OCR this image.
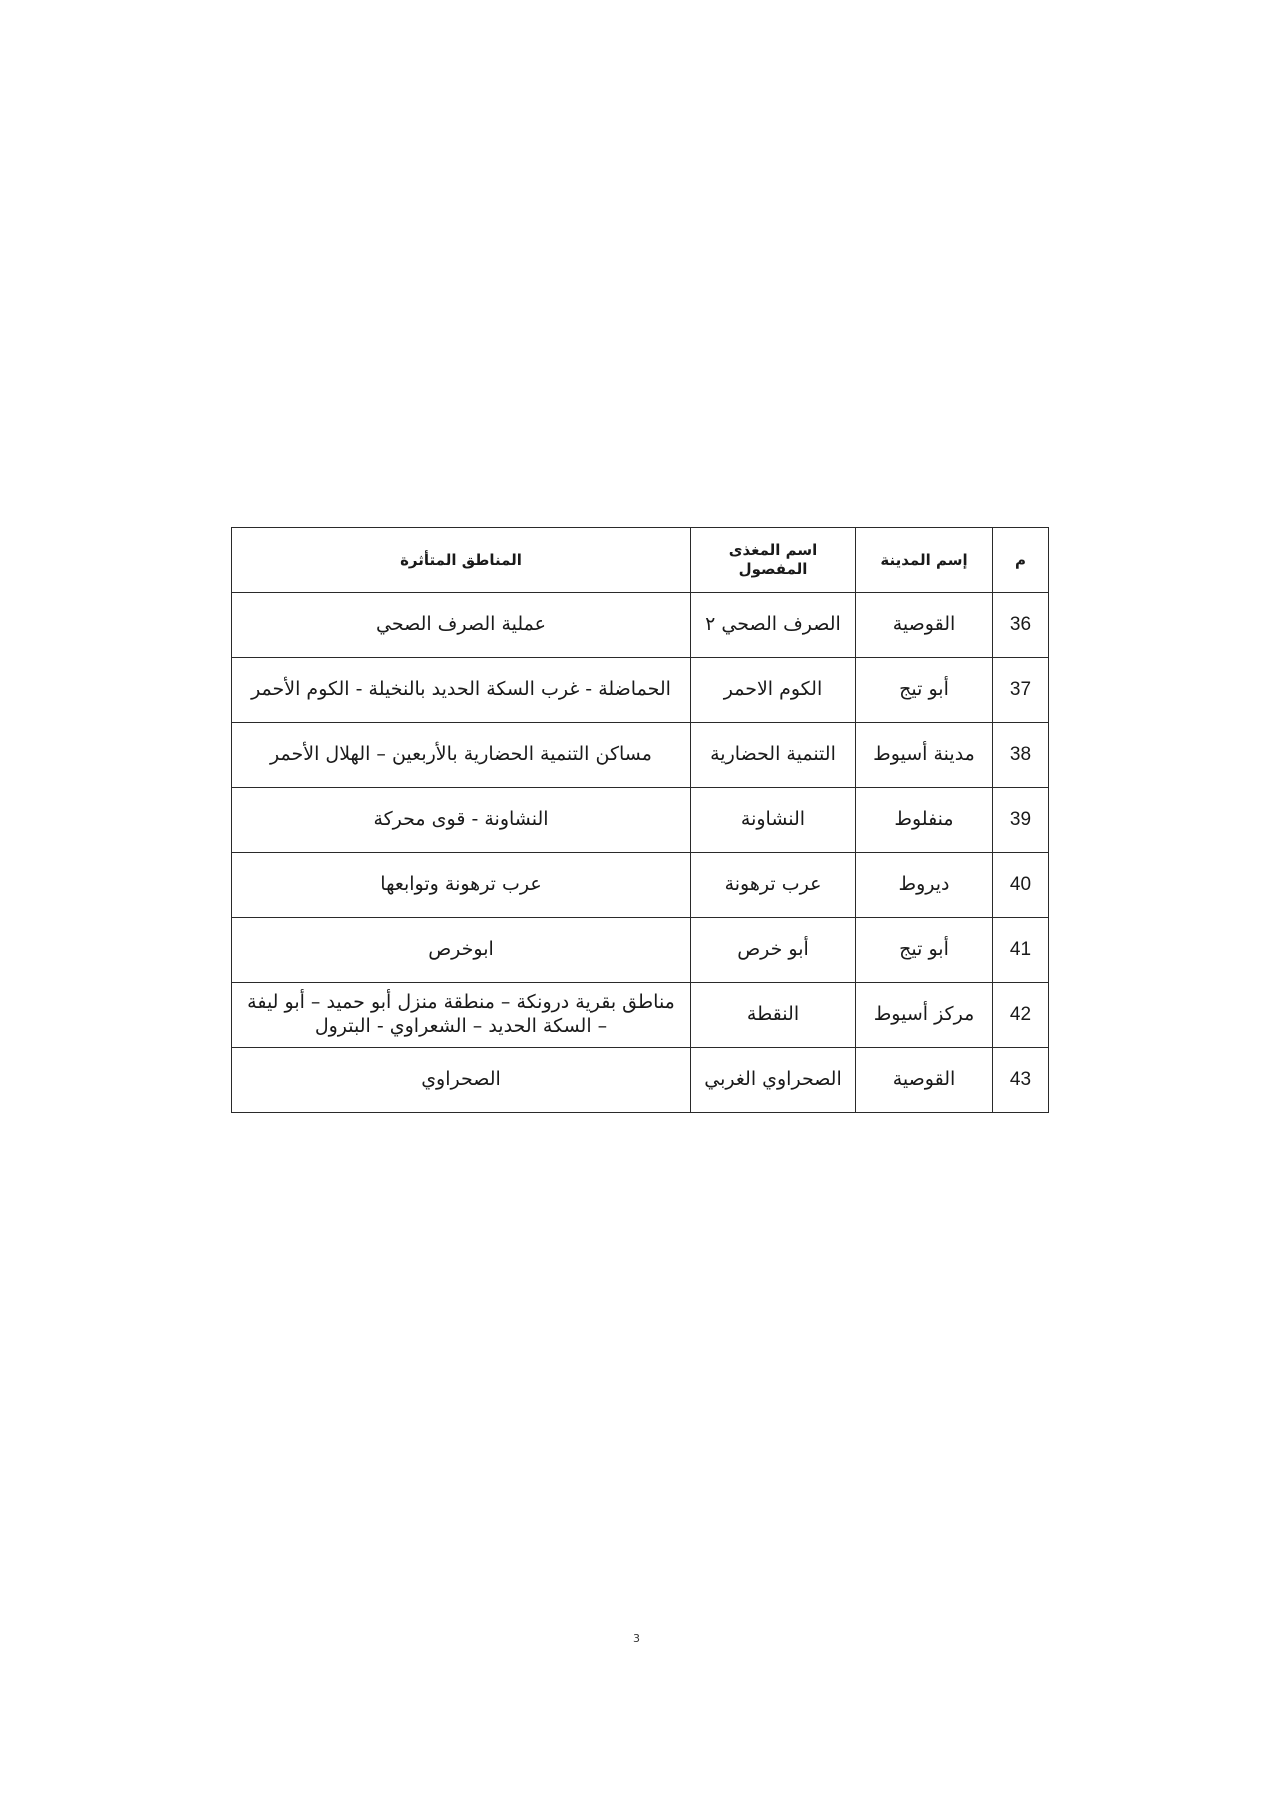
م	إسم المدينة	اسم المغذى المفصول	المناطق المتأثرة
36	القوصية	الصرف الصحي ٢	عملية الصرف الصحي
37	أبو تيج	الكوم الاحمر	الحماضلة - غرب السكة الحديد بالنخيلة - الكوم الأحمر
38	مدينة أسيوط	التنمية الحضارية	مساكن التنمية الحضارية بالأربعين – الهلال الأحمر
39	منفلوط	النشاونة	النشاونة - قوى محركة
40	ديروط	عرب ترهونة	عرب ترهونة وتوابعها
41	أبو تيج	أبو خرص	ابوخرص
42	مركز أسيوط	النقطة	مناطق بقرية درونكة – منطقة منزل أبو حميد – أبو ليفة – السكة الحديد – الشعراوي - البترول
43	القوصية	الصحراوي الغربي	الصحراوي
3
